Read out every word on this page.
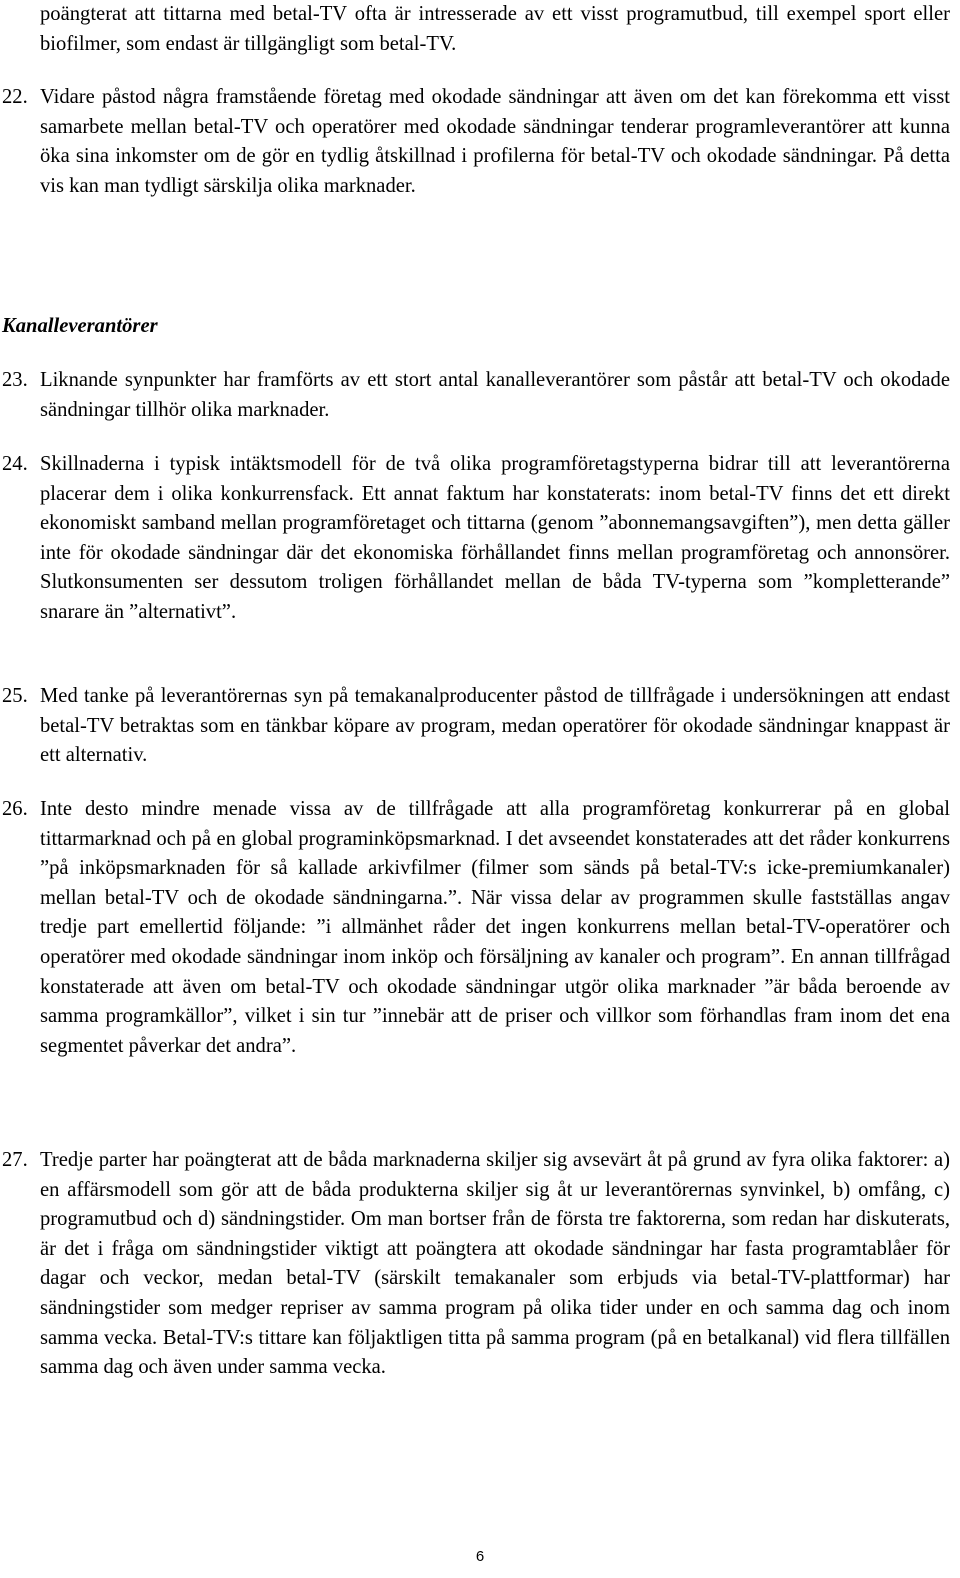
poängterat att tittarna med betal-TV ofta är intresserade av ett visst programutbud, till exempel sport eller biofilmer, som endast är tillgängligt som betal-TV.

22. Vidare påstod några framstående företag med okodade sändningar att även om det kan förekomma ett visst samarbete mellan betal-TV och operatörer med okodade sändningar tenderar programleverantörer att kunna öka sina inkomster om de gör en tydlig åtskillnad i profilerna för betal-TV och okodade sändningar. På detta vis kan man tydligt särskilja olika marknader.

Kanalleverantörer

23. Liknande synpunkter har framförts av ett stort antal kanalleverantörer som påstår att betal-TV och okodade sändningar tillhör olika marknader.

24. Skillnaderna i typisk intäktsmodell för de två olika programföretagstyperna bidrar till att leverantörerna placerar dem i olika konkurrensfack. Ett annat faktum har konstaterats: inom betal-TV finns det ett direkt ekonomiskt samband mellan programföretaget och tittarna (genom ”abonnemangsavgiften”), men detta gäller inte för okodade sändningar där det ekonomiska förhållandet finns mellan programföretag och annonsörer. Slutkonsumenten ser dessutom troligen förhållandet mellan de båda TV-typerna som ”kompletterande” snarare än ”alternativt”.

25. Med tanke på leverantörernas syn på temakanalproducenter påstod de tillfrågade i undersökningen att endast betal-TV betraktas som en tänkbar köpare av program, medan operatörer för okodade sändningar knappast är ett alternativ.

26. Inte desto mindre menade vissa av de tillfrågade att alla programföretag konkurrerar på en global tittarmarknad och på en global programinköpsmarknad. I det avseendet konstaterades att det råder konkurrens ”på inköpsmarknaden för så kallade arkivfilmer (filmer som sänds på betal-TV:s icke-premiumkanaler) mellan betal-TV och de okodade sändningarna.”. När vissa delar av programmen skulle fastställas angav tredje part emellertid följande: ”i allmänhet råder det ingen konkurrens mellan betal-TV-operatörer och operatörer med okodade sändningar inom inköp och försäljning av kanaler och program”. En annan tillfrågad konstaterade att även om betal-TV och okodade sändningar utgör olika marknader ”är båda beroende av samma programkällor”, vilket i sin tur ”innebär att de priser och villkor som förhandlas fram inom det ena segmentet påverkar det andra”.

27. Tredje parter har poängterat att de båda marknaderna skiljer sig avsevärt åt på grund av fyra olika faktorer: a) en affärsmodell som gör att de båda produkterna skiljer sig åt ur leverantörernas synvinkel, b) omfång, c) programutbud och d) sändningstider. Om man bortser från de första tre faktorerna, som redan har diskuterats, är det i fråga om sändningstider viktigt att poängtera att okodade sändningar har fasta programtablåer för dagar och veckor, medan betal-TV (särskilt temakanaler som erbjuds via betal-TV-plattformar) har sändningstider som medger repriser av samma program på olika tider under en och samma dag och inom samma vecka. Betal-TV:s tittare kan följaktligen titta på samma program (på en betalkanal) vid flera tillfällen samma dag och även under samma vecka.

6
